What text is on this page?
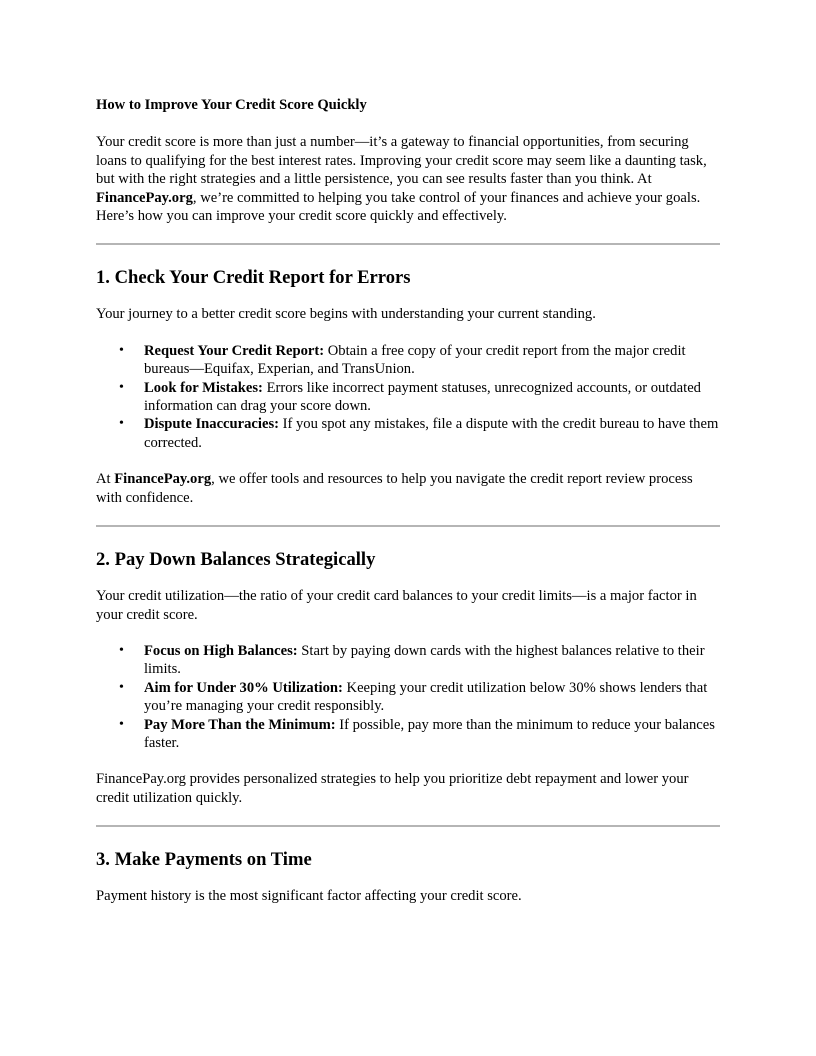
How to Improve Your Credit Score Quickly

Your credit score is more than just a number—it’s a gateway to financial opportunities, from securing loans to qualifying for the best interest rates. Improving your credit score may seem like a daunting task, but with the right strategies and a little persistence, you can see results faster than you think. At FinancePay.org, we’re committed to helping you take control of your finances and achieve your goals. Here’s how you can improve your credit score quickly and effectively.

1. Check Your Credit Report for Errors

Your journey to a better credit score begins with understanding your current standing.

• Request Your Credit Report: Obtain a free copy of your credit report from the major credit bureaus—Equifax, Experian, and TransUnion.
• Look for Mistakes: Errors like incorrect payment statuses, unrecognized accounts, or outdated information can drag your score down.
• Dispute Inaccuracies: If you spot any mistakes, file a dispute with the credit bureau to have them corrected.

At FinancePay.org, we offer tools and resources to help you navigate the credit report review process with confidence.

2. Pay Down Balances Strategically

Your credit utilization—the ratio of your credit card balances to your credit limits—is a major factor in your credit score.

• Focus on High Balances: Start by paying down cards with the highest balances relative to their limits.
• Aim for Under 30% Utilization: Keeping your credit utilization below 30% shows lenders that you’re managing your credit responsibly.
• Pay More Than the Minimum: If possible, pay more than the minimum to reduce your balances faster.

FinancePay.org provides personalized strategies to help you prioritize debt repayment and lower your credit utilization quickly.

3. Make Payments on Time

Payment history is the most significant factor affecting your credit score.
